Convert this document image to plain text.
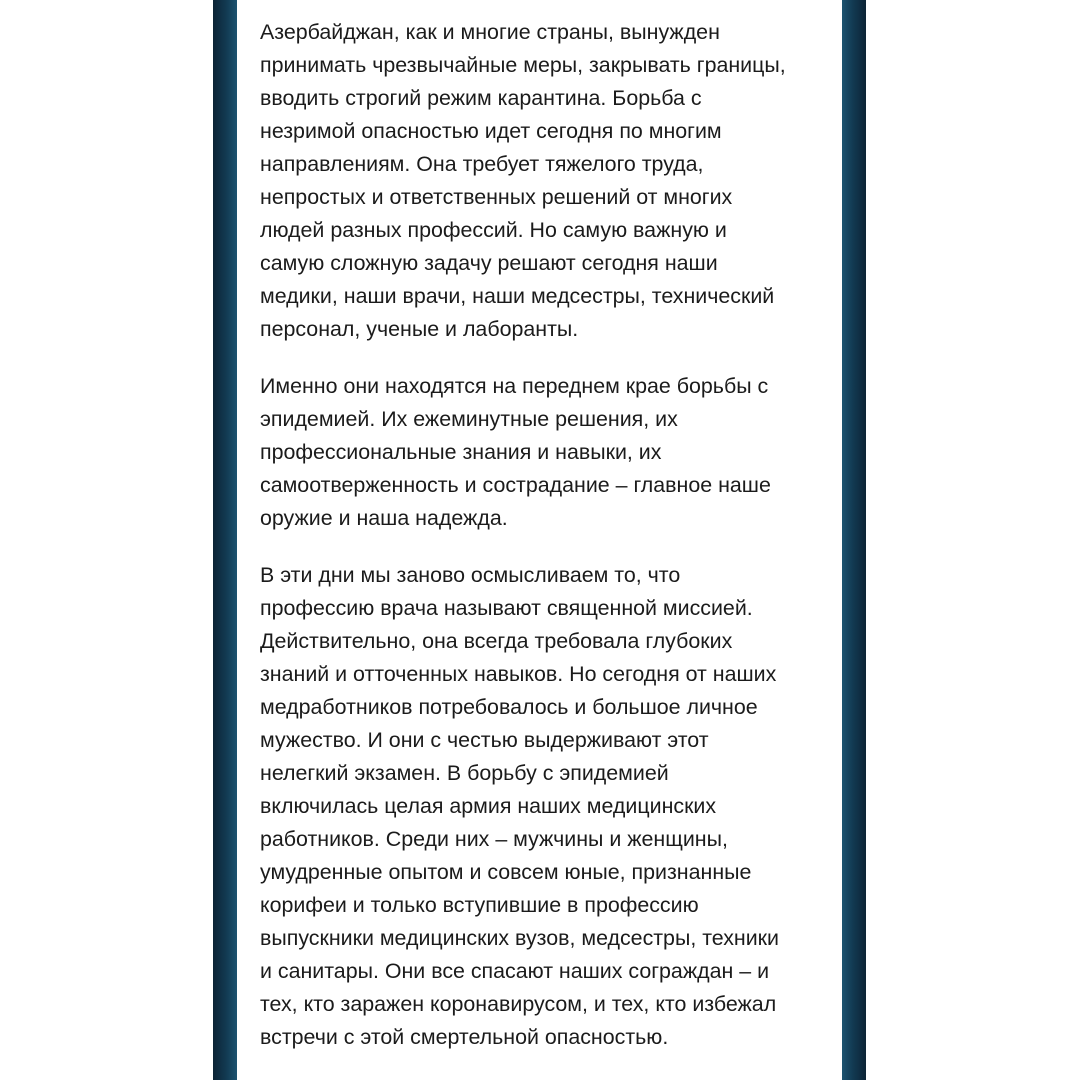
Азербайджан, как и многие страны, вынужден
принимать чрезвычайные меры, закрывать границы,
вводить строгий режим карантина. Борьба с
незримой опасностью идет сегодня по многим
направлениям. Она требует тяжелого труда,
непростых и ответственных решений от многих
людей разных профессий. Но самую важную и
самую сложную задачу решают сегодня наши
медики, наши врачи, наши медсестры, технический
персонал, ученые и лаборанты.

Именно они находятся на переднем крае борьбы с
эпидемией. Их ежеминутные решения, их
профессиональные знания и навыки, их
самоотверженность и сострадание – главное наше
оружие и наша надежда.

В эти дни мы заново осмысливаем то, что
профессию врача называют священной миссией.
Действительно, она всегда требовала глубоких
знаний и отточенных навыков. Но сегодня от наших
медработников потребовалось и большое личное
мужество. И они с честью выдерживают этот
нелегкий экзамен. В борьбу с эпидемией
включилась целая армия наших медицинских
работников. Среди них – мужчины и женщины,
умудренные опытом и совсем юные, признанные
корифеи и только вступившие в профессию
выпускники медицинских вузов, медсестры, техники
и санитары. Они все спасают наших сограждан – и
тех, кто заражен коронавирусом, и тех, кто избежал
встречи с этой смертельной опасностью.
